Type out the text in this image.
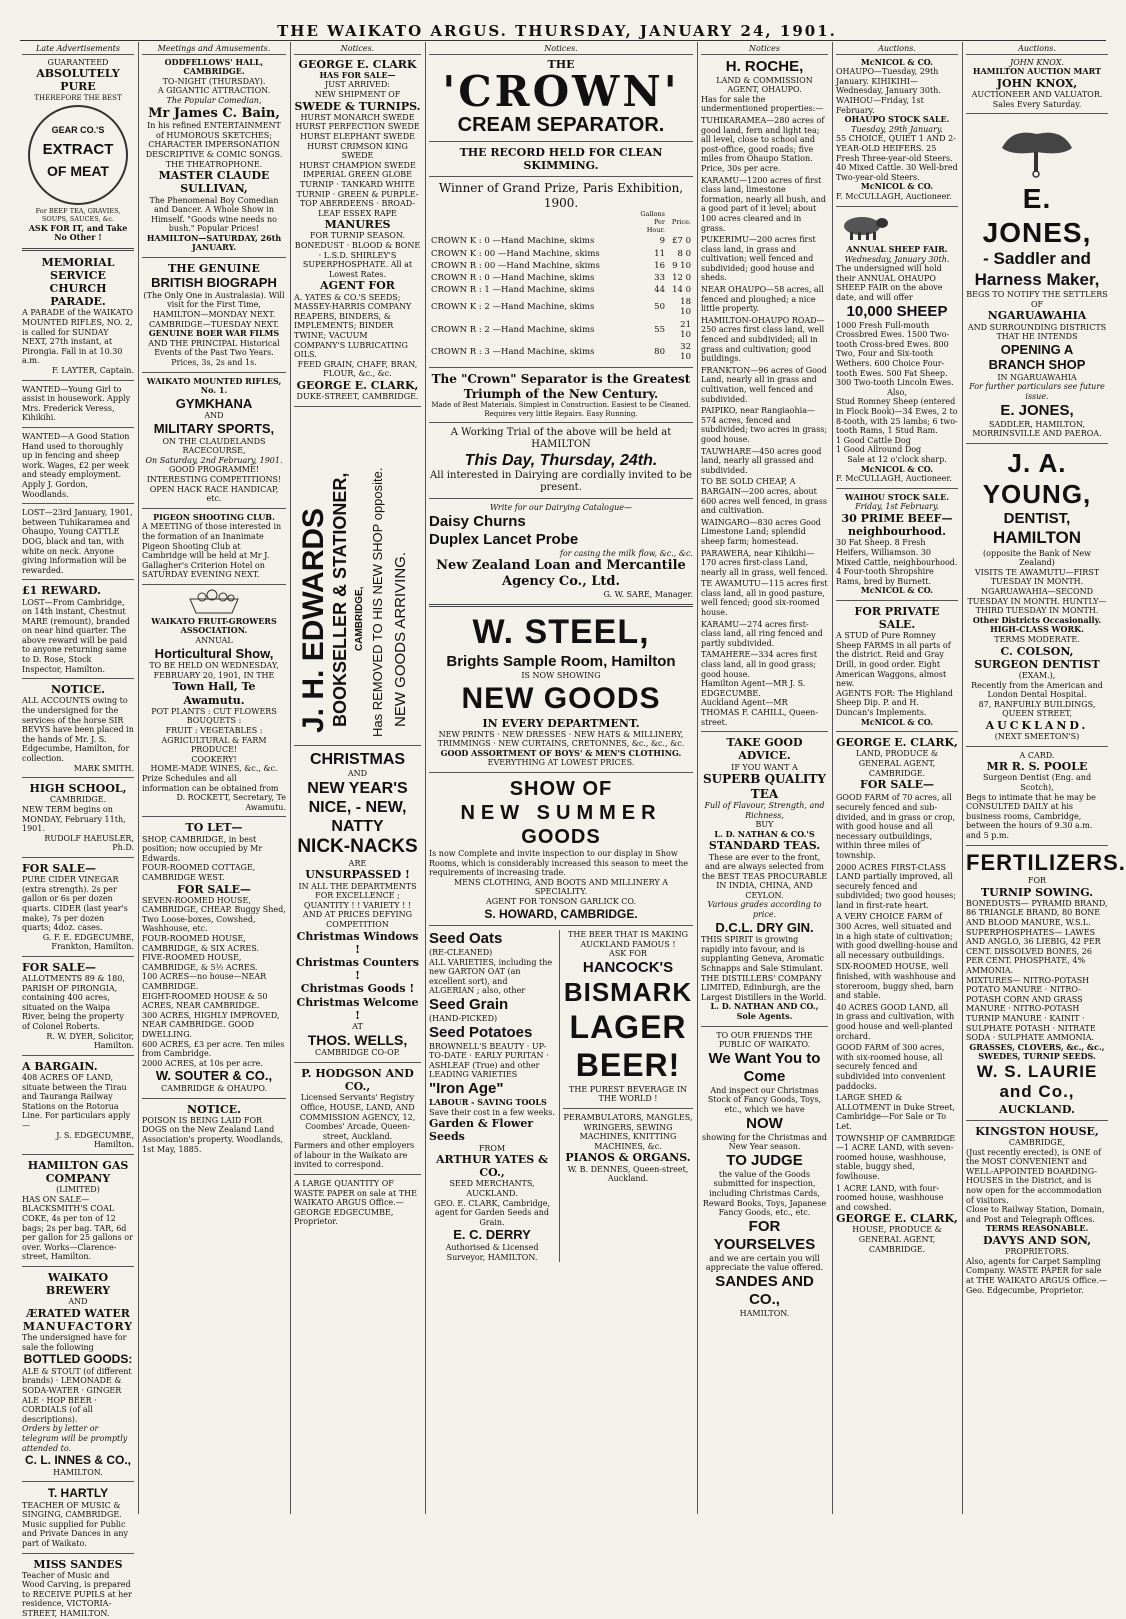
THE WAIKATO ARGUS. THURSDAY, JANUARY 24, 1901.
Late Advertisements
GUARANTEED
ABSOLUTELY PURE
THEREFORE THE BEST
GEAR CO.'S
EXTRACT
OF MEAT
For BEEF TEA, GRAVIES, SOUPS, SAUCES, &c.
ASK FOR IT, and Take No Other !
MEMORIAL SERVICE
CHURCH PARADE.
A PARADE of the WAIKATO MOUNTED RIFLES, NO. 2, is called for SUNDAY NEXT, 27th instant, at Pirongia. Fall in at 10.30 a.m.
F. LAYTER, Captain.
WANTED—Young Girl to assist in housework. Apply Mrs. Frederick Veress, Kihikihi.
WANTED—A Good Station Hand used to thoroughly up in fencing and sheep work. Wages, £2 per week and steady employment. Apply J. Gordon, Woodlands.
LOST—23rd January, 1901, between Tuhikaramea and Ohaupo, Young CATTLE DOG, black and tan, with white on neck. Anyone giving information will be rewarded.
£1 REWARD.
LOST—From Cambridge, on 14th instant, Chestnut MARE (remount), branded on near hind quarter. The above reward will be paid to anyone returning same to D. Rose, Stock Inspector, Hamilton.
NOTICE.
ALL ACCOUNTS owing to the undersigned for the services of the horse SIR BEVYS have been placed in the hands of Mr. J. S. Edgecumbe, Hamilton, for collection.
MARK SMITH.
HIGH SCHOOL,
CAMBRIDGE.
NEW TERM begins on MONDAY, February 11th, 1901.
RUDOLF HAEUSLER, Ph.D.
FOR SALE—
PURE CIDER VINEGAR (extra strength). 2s per gallon or 6s per dozen quarts. CIDER (last year's make), 7s per dozen quarts; 4doz. cases.
G. F. E. EDGECUMBE, Frankton, Hamilton.
FOR SALE—
ALLOTMENTS 89 & 180, PARISH OF PIRONGIA, containing 400 acres, situated on the Waipa River, being the property of Colonel Roberts.
R. W. DYER, Solicitor, Hamilton.
A BARGAIN.
408 ACRES OF LAND, situate between the Tirau and Tauranga Railway Stations on the Rotorua Line. For particulars apply—
J. S. EDGECUMBE, Hamilton.
HAMILTON GAS COMPANY
(LIMITED)
HAS ON SALE— BLACKSMITH'S COAL COKE, 4s per ton of 12 bags; 2s per bag. TAR, 6d per gallon for 25 gallons or over. Works—Clarence-street, Hamilton.
WAIKATO BREWERY
AND
ÆRATED WATER
MANUFACTORY
The undersigned have for sale the following
BOTTLED GOODS:
ALE & STOUT (of different brands) · LEMONADE & SODA-WATER · GINGER ALE · HOP BEER · CORDIALS (of all descriptions).
Orders by letter or telegram will be promptly attended to.
C. L. INNES & CO.,
HAMILTON.
T. HARTLY
TEACHER OF MUSIC & SINGING, CAMBRIDGE. Music supplied for Public and Private Dances in any part of Waikato.
MISS SANDES
Teacher of Music and Wood Carving, is prepared to RECEIVE PUPILS at her residence, VICTORIA-STREET, HAMILTON.
Meetings and Amusements.
ODDFELLOWS' HALL, CAMBRIDGE.
TO-NIGHT (THURSDAY).
A GIGANTIC ATTRACTION.
The Popular Comedian,
Mr James C. Bain,
In his refined ENTERTAINMENT of HUMOROUS SKETCHES; CHARACTER IMPERSONATION DESCRIPTIVE & COMIC SONGS. THE THEATROPHONE.
MASTER CLAUDE SULLIVAN,
The Phenomenal Boy Comedian and Dancer. A Whole Show in Himself. "Goods wine needs no bush." Popular Prices!
HAMILTON—SATURDAY, 26th JANUARY.
THE GENUINE
BRITISH BIOGRAPH
(The Only One in Australasia). Will visit for the First Time, HAMILTON—MONDAY NEXT. CAMBRIDGE—TUESDAY NEXT.
GENUINE BOER WAR FILMS
AND THE PRINCIPAL Historical Events of the Past Two Years. Prices, 3s, 2s and 1s.
WAIKATO MOUNTED RIFLES, No. 1.
GYMKHANA
AND
MILITARY SPORTS,
ON THE CLAUDELANDS RACECOURSE,
On Saturday, 2nd February, 1901.
GOOD PROGRAMME! INTERESTING COMPETITIONS!
OPEN HACK RACE HANDICAP, etc.
PIGEON SHOOTING CLUB.
A MEETING of those interested in the formation of an Inanimate Pigeon Shooting Club at Cambridge will be held at Mr J. Gallagher's Criterion Hotel on SATURDAY EVENING NEXT.
WAIKATO FRUIT-GROWERS ASSOCIATION.
ANNUAL
Horticultural Show,
TO BE HELD ON WEDNESDAY, FEBRUARY 20, 1901, IN THE
Town Hall, Te Awamutu.
POT PLANTS : CUT FLOWERS
BOUQUETS :
FRUIT : VEGETABLES :
AGRICULTURAL & FARM PRODUCE!
COOKERY!
HOME-MADE WINES, &c., &c.
Prize Schedules and all information can be obtained from
D. ROCKETT, Secretary, Te Awamutu.
TO LET—
SHOP, CAMBRIDGE, in best position; now occupied by Mr Edwards.
FOUR-ROOMED COTTAGE, CAMBRIDGE WEST.
FOR SALE—
SEVEN-ROOMED HOUSE, CAMBRIDGE, CHEAP. Buggy Shed, Two Loose-boxes, Cowshed, Washhouse, etc.
FOUR-ROOMED HOUSE, CAMBRIDGE, & SIX ACRES.
FIVE-ROOMED HOUSE, CAMBRIDGE, & 5½ ACRES.
100 ACRES—no house—NEAR CAMBRIDGE.
EIGHT-ROOMED HOUSE & 50 ACRES, NEAR CAMBRIDGE.
300 ACRES, HIGHLY IMPROVED, NEAR CAMBRIDGE. GOOD DWELLING.
600 ACRES, £3 per acre. Ten miles from Cambridge.
2000 ACRES, at 10s per acre.
W. SOUTER & CO.,
CAMBRIDGE & OHAUPO.
NOTICE.
POISON IS BEING LAID FOR DOGS on the New Zealand Land Association's property. Woodlands, 1st May, 1885.
Notices.
GEORGE E. CLARK
HAS FOR SALE—
JUST ARRIVED:
NEW SHIPMENT OF
SWEDE & TURNIPS.
HURST MONARCH SWEDE
HURST PERFECTION SWEDE
HURST ELEPHANT SWEDE
HURST CRIMSON KING SWEDE
HURST CHAMPION SWEDE
IMPERIAL GREEN GLOBE TURNIP · TANKARD WHITE TURNIP · GREEN & PURPLE-TOP ABERDEENS · BROAD-LEAF ESSEX RAPE
MANURES
FOR TURNIP SEASON.
BONEDUST · BLOOD & BONE · L.S.D. SHIRLEY'S SUPERPHOSPHATE. All at Lowest Rates.
AGENT FOR
A. YATES & CO.'S SEEDS; MASSEY-HARRIS COMPANY REAPERS, BINDERS, & IMPLEMENTS; BINDER TWINE; VACUUM COMPANY'S LUBRICATING OILS.
FEED GRAIN, CHAFF, BRAN, FLOUR, &c., &c.
GEORGE E. CLARK,
DUKE-STREET, CAMBRIDGE.
J. H. EDWARDS BOOKSELLER & STATIONER, CAMBRIDGE, Has REMOVED TO HIS NEW SHOP opposite. NEW GOODS ARRIVING.
CHRISTMAS
AND
NEW YEAR'S
NICE, - NEW,
NATTY
NICK-NACKS
ARE
UNSURPASSED !
IN ALL THE DEPARTMENTS
FOR EXCELLENCE ; QUANTITY ! ! VARIETY ! !
AND AT PRICES DEFYING COMPETITION
Christmas Windows !
Christmas Counters !
Christmas Goods !
Christmas Welcome !
AT
THOS. WELLS,
CAMBRIDGE CO-OP.
P. HODGSON AND CO.,
Licensed Servants' Registry Office, HOUSE, LAND, AND COMMISSION AGENCY, 12, Coombes' Arcade, Queen-street, Auckland.
Farmers and other employers of labour in the Waikato are invited to correspond.
A LARGE QUANTITY OF WASTE PAPER on sale at THE WAIKATO ARGUS Office.—GEORGE EDGECUMBE, Proprietor.
Notices.
THE
'CROWN'
CREAM SEPARATOR.
THE RECORD HELD FOR CLEAN SKIMMING.
Winner of Grand Prize, Paris Exhibition, 1900.
	Gallons Per Hour.	Price.
CROWN K : 0 —Hand Machine, skims	9	£7 0
CROWN K : 00 —Hand Machine, skims	11	8 0
CROWN R : 00 —Hand Machine, skims	16	9 10
CROWN R : 0 —Hand Machine, skims	33	12 0
CROWN R : 1 —Hand Machine, skims	44	14 0
CROWN K : 2 —Hand Machine, skims	50	18 10
CROWN R : 2 —Hand Machine, skims	55	21 10
CROWN R : 3 —Hand Machine, skims	80	32 10
The "Crown" Separator is the Greatest Triumph of the New Century.
Made of Best Materials. Simplest in Construction. Easiest to be Cleaned. Requires very little Repairs. Easy Running.
A Working Trial of the above will be held at HAMILTON
This Day, Thursday, 24th.
All interested in Dairying are cordially invited to be present.
Write for our Dairying Catalogue—
Daisy Churns
Duplex Lancet Probe
for casing the milk flow, &c., &c.
New Zealand Loan and Mercantile Agency Co., Ltd.
G. W. SARE, Manager.
W. STEEL,
Brights Sample Room, Hamilton
IS NOW SHOWING
NEW GOODS
IN EVERY DEPARTMENT.
NEW PRINTS · NEW DRESSES · NEW HATS & MILLINERY, TRIMMINGS · NEW CURTAINS, CRETONNES, &c., &c., &c.
GOOD ASSORTMENT OF BOYS' & MEN'S CLOTHING.
EVERYTHING AT LOWEST PRICES.
SHOW OF
NEW SUMMER
GOODS
Is now Complete and invite inspection to our display in Show Rooms, which is considerably increased this season to meet the requirements of increasing trade.
MENS CLOTHING, AND BOOTS AND MILLINERY A SPECIALITY.
AGENT FOR TONSON GARLICK CO.
S. HOWARD, CAMBRIDGE.
Seed Oats
(RE-CLEANED)
ALL VARIETIES, including the new GARTON OAT (an excellent sort), and ALGERIAN ; also, other
Seed Grain
(HAND-PICKED)
Seed Potatoes
BROWNELL'S BEAUTY · UP-TO-DATE · EARLY PURITAN · ASHLEAF (True) and other LEADING VARIETIES
"Iron Age"
LABOUR - SAVING TOOLS
Save their cost in a few weeks.
Garden & Flower Seeds
FROM
ARTHUR YATES & CO.,
SEED MERCHANTS, AUCKLAND.
GEO. E. CLARK, Cambridge, agent for Garden Seeds and Grain.
E. C. DERRY
Authorised & Licensed Surveyor, HAMILTON.
THE BEER THAT IS MAKING AUCKLAND FAMOUS !
ASK FOR
HANCOCK'S
BISMARK
LAGER
BEER!
THE PUREST BEVERAGE IN THE WORLD !
PERAMBULATORS, MANGLES, WRINGERS, SEWING MACHINES, KNITTING MACHINES, &c.
PIANOS & ORGANS.
W. B. DENNES, Queen-street, Auckland.
Notices
H. ROCHE,
LAND & COMMISSION AGENT, OHAUPO.
Has for sale the undermentioned properties:—
TUHIKARAMEA—280 acres of good land, fern and light tea; all level, close to school and post-office, good roads; five miles from Ohaupo Station. Price, 30s per acre.
KARAMU—1200 acres of first class land, limestone formation, nearly all bush, and a good part of it level; about 100 acres cleared and in grass.
PUKERIMU—200 acres first class land, in grass and cultivation; well fenced and subdivided; good house and sheds.
NEAR OHAUPO—58 acres, all fenced and ploughed; a nice little property.
HAMILTON-OHAUPO ROAD—250 acres first class land, well fenced and subdivided; all in grass and cultivation; good buildings.
FRANKTON—96 acres of Good Land, nearly all in grass and cultivation, well fenced and subdivided.
PAIPIKO, near Rangiaohia—574 acres, fenced and subdivided; two acres in grass; good house.
TAUWHARE—450 acres good land, nearly all grassed and subdivided.
TO BE SOLD CHEAP, A BARGAIN—200 acres, about 600 acres well fenced, in grass and cultivation.
WAINGARO—830 acres Good Limestone Land; splendid sheep farm; homestead.
PARAWERA, near Kihikihi—170 acres first-class Land, nearly all in grass, well fenced.
TE AWAMUTU—115 acres first class land, all in good pasture, well fenced; good six-roomed house.
KARAMU—274 acres first-class land, all ring fenced and partly subdivided.
TAMAHERE—334 acres first class land, all in good grass; good house.
Hamilton Agent—MR J. S. EDGECUMBE.
Auckland Agent—MR THOMAS F. CAHILL, Queen-street.
TAKE GOOD ADVICE.
IF YOU WANT A
SUPERB QUALITY TEA
Full of Flavour, Strength, and Richness,
BUY
L. D. NATHAN & CO.'S
STANDARD TEAS.
These are ever to the front, and are always selected from the BEST TEAS PROCURABLE IN INDIA, CHINA, AND CEYLON.
Various grades according to price.
D.C.L. DRY GIN.
THIS SPIRIT is growing rapidly into favour, and is supplanting Geneva, Aromatic Schnapps and Sale Stimulant.
THE DISTILLERS' COMPANY LIMITED, Edinburgh, are the Largest Distillers in the World.
L. D. NATHAN AND CO., Sole Agents.
TO OUR FRIENDS THE PUBLIC OF WAIKATO.
We Want You to
Come
And inspect our Christmas Stock of Fancy Goods, Toys, etc., which we have
NOW
showing for the Christmas and New Year season.
TO JUDGE
the value of the Goods submitted for inspection, including Christmas Cards, Reward Books, Toys, Japanese Fancy Goods, etc., etc.
FOR YOURSELVES
and we are certain you will appreciate the value offered.
SANDES AND CO.,
HAMILTON.
Auctions.
McNICOL & CO.
OHAUPO—Tuesday, 29th January. KIHIKIHI—Wednesday, January 30th. WAIHOU—Friday, 1st February.
OHAUPO STOCK SALE.
Tuesday, 29th January.
55 CHOICE, QUIET 1 AND 2-YEAR-OLD HEIFERS. 25 Fresh Three-year-old Steers. 40 Mixed Cattle. 30 Well-bred Two-year-old Steers.
McNICOL & CO.
F. McCULLAGH, Auctioneer.
ANNUAL SHEEP FAIR.
Wednesday, January 30th.
The undersigned will hold their ANNUAL OHAUPO SHEEP FAIR on the above date, and will offer
10,000 SHEEP
1000 Fresh Full-mouth Crossbred Ewes. 1500 Two-tooth Cross-bred Ewes. 800 Two, Four and Six-tooth Wethers. 600 Choice Four-tooth Ewes. 500 Fat Sheep. 300 Two-tooth Lincoln Ewes.
Also,
Stud Romney Sheep (entered in Flock Book)—34 Ewes, 2 to 8-tooth, with 25 lambs; 6 two-tooth Rams, 1 Stud Ram.
1 Good Cattle Dog
1 Good Allround Dog
Sale at 12 o'clock sharp.
McNICOL & CO.
F. McCULLAGH, Auctioneer.
WAIHOU STOCK SALE.
Friday, 1st February.
30 PRIME BEEF—neighbourhood.
30 Fat Sheep. 8 Fresh Heifers, Williamson. 30 Mixed Cattle, neighbourhood. 4 Four-tooth Shropshire Rams, bred by Burnett.
McNICOL & CO.
FOR PRIVATE SALE.
A STUD of Pure Romney Sheep FARMS in all parts of the district. Reid and Gray Drill, in good order. Eight American Waggons, almost new.
AGENTS FOR: The Highland Sheep Dip. P. and H. Duncan's Implements.
McNICOL & CO.
GEORGE E. CLARK,
LAND, PRODUCE & GENERAL AGENT, CAMBRIDGE.
FOR SALE—
GOOD FARM of 70 acres, all securely fenced and sub-divided, and in grass or crop, with good house and all necessary outbuildings, within three miles of township.
2000 ACRES FIRST-CLASS LAND partially improved, all securely fenced and subdivided; two good houses; land in first-rate heart.
A VERY CHOICE FARM of 300 Acres, well situated and in a high state of cultivation; with good dwelling-house and all necessary outbuildings.
SIX-ROOMED HOUSE, well finished, with washhouse and storeroom, buggy shed, barn and stable.
40 ACRES GOOD LAND, all in grass and cultivation, with good house and well-planted orchard.
GOOD FARM of 300 acres, with six-roomed house, all securely fenced and subdivided into convenient paddocks.
LARGE SHED & ALLOTMENT in Duke Street, Cambridge—For Sale or To Let.
TOWNSHIP OF CAMBRIDGE—1 ACRE LAND, with seven-roomed house, washhouse, stable, buggy shed, fowlhouse.
1 ACRE LAND, with four-roomed house, washhouse and cowshed.
GEORGE E. CLARK,
HOUSE, PRODUCE & GENERAL AGENT, CAMBRIDGE.
Auctions.
JOHN KNOX.
HAMILTON AUCTION MART
JOHN KNOX,
AUCTIONEER AND VALUATOR.
Sales Every Saturday.
E. JONES,
- Saddler and
Harness Maker,
BEGS TO NOTIFY THE SETTLERS OF
NGARUAWAHIA
AND SURROUNDING DISTRICTS
THAT HE INTENDS
OPENING A
BRANCH SHOP
IN NGARUAWAHIA
For further particulars see future issue.
E. JONES,
SADDLER, HAMILTON, MORRINSVILLE AND PAEROA.
J. A. YOUNG,
DENTIST,
HAMILTON
(opposite the Bank of New Zealand)
VISITS TE AWAMUTU—FIRST TUESDAY IN MONTH. NGARUAWAHIA—SECOND TUESDAY IN MONTH. HUNTLY—THIRD TUESDAY IN MONTH.
Other Districts Occasionally.
HIGH-CLASS WORK.
TERMS MODERATE.
C. COLSON,
SURGEON DENTIST
(EXAM.),
Recently from the American and London Dental Hospital.
87, RANFURLY BUILDINGS,
QUEEN STREET,
AUCKLAND.
(NEXT SMEETON'S)
A CARD.
MR R. S. POOLE
Surgeon Dentist (Eng. and Scotch),
Begs to intimate that he may be CONSULTED DAILY at his business rooms, Cambridge, between the hours of 9.30 a.m. and 5 p.m.
FERTILIZERS.
FOR
TURNIP SOWING.
BONEDUSTS— PYRAMID BRAND, 86 TRIANGLE BRAND, 80 BONE AND BLOOD MANURE, W.S.L.
SUPERPHOSPHATES— LAWES AND ANGLO, 36 LIEBIG, 42 PER CENT. DISSOLVED BONES, 26 PER CENT. PHOSPHATE, 4% AMMONIA.
MIXTURES— NITRO-POTASH POTATO MANURE · NITRO-POTASH CORN AND GRASS MANURE · NITRO-POTASH TURNIP MANURE · KAINIT · SULPHATE POTASH · NITRATE SODA · SULPHATE AMMONIA.
GRASSES, CLOVERS, &c., &c., SWEDES, TURNIP SEEDS.
W. S. LAURIE
and Co.,
AUCKLAND.
KINGSTON HOUSE,
CAMBRIDGE,
(Just recently erected), is ONE of the MOST CONVENIENT and WELL-APPOINTED BOARDING-HOUSES in the District, and is now open for the accommodation of visitors.
Close to Railway Station, Domain, and Post and Telegraph Offices.
TERMS REASONABLE.
DAVYS AND SON,
PROPRIETORS.
Also, agents for Carpet Sampling Company. WASTE PAPER for sale at THE WAIKATO ARGUS Office.—Geo. Edgecumbe, Proprietor.
